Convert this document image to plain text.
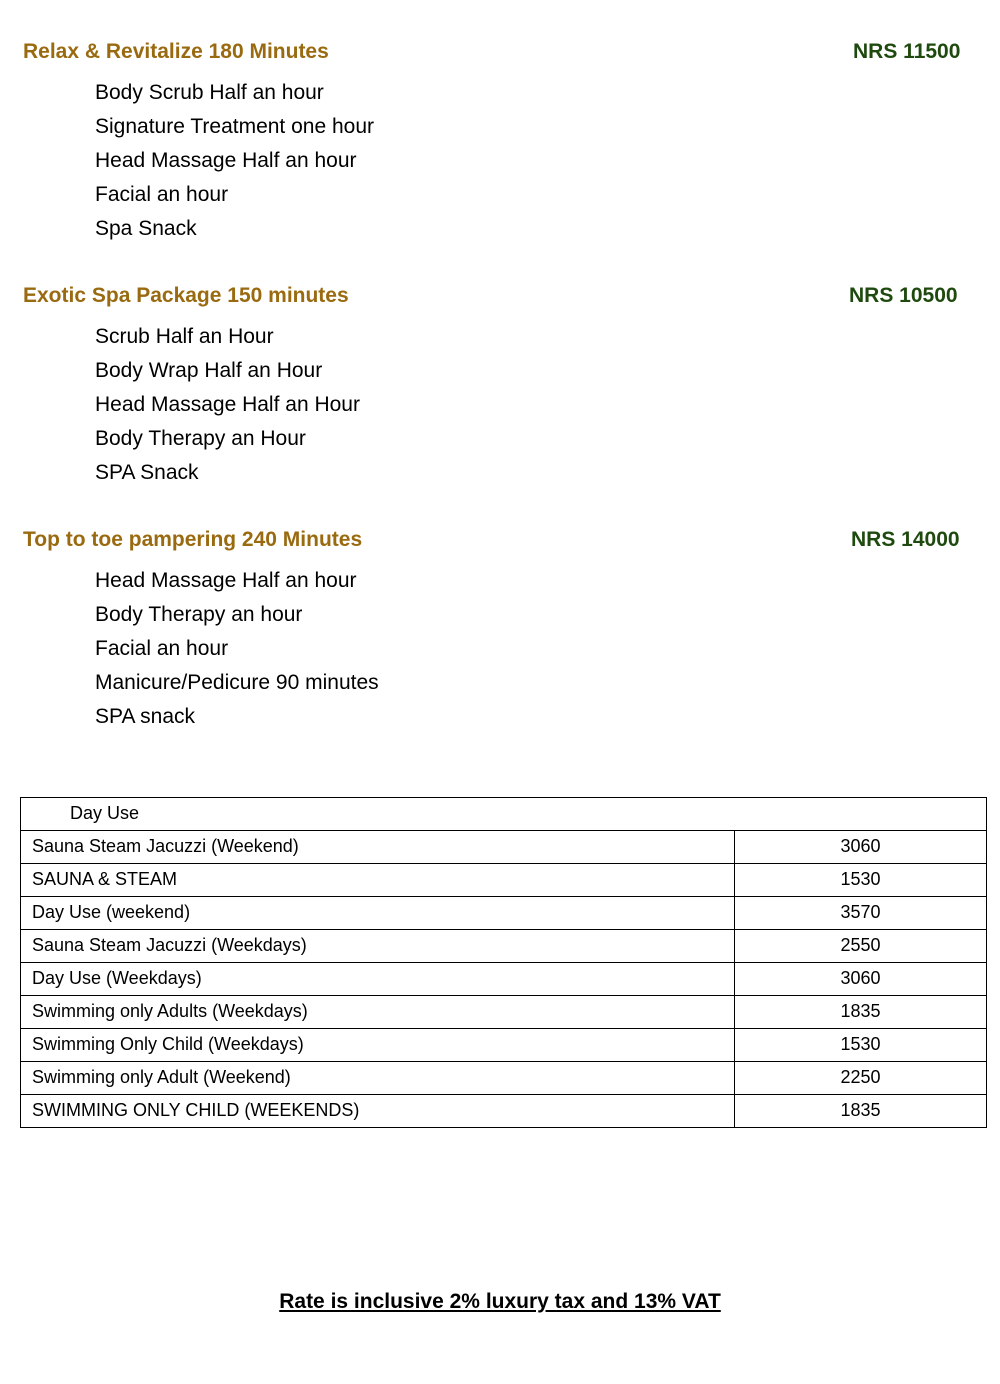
Relax & Revitalize 180 Minutes	NRS 11500
Body Scrub Half an hour
Signature Treatment one hour
Head Massage Half an hour
Facial an hour
Spa Snack
Exotic Spa Package 150 minutes	NRS 10500
Scrub Half an Hour
Body Wrap Half an Hour
Head Massage Half an Hour
Body Therapy an Hour
SPA Snack
Top to toe pampering 240 Minutes	NRS 14000
Head Massage Half an hour
Body Therapy an hour
Facial an hour
Manicure/Pedicure 90 minutes
SPA snack
Day Use	
Sauna Steam Jacuzzi (Weekend)	3060
SAUNA & STEAM	1530
Day Use (weekend)	3570
Sauna Steam Jacuzzi (Weekdays)	2550
Day Use (Weekdays)	3060
Swimming only Adults (Weekdays)	1835
Swimming Only Child (Weekdays)	1530
Swimming only Adult (Weekend)	2250
SWIMMING ONLY CHILD (WEEKENDS)	1835
Rate is inclusive 2% luxury tax and 13% VAT
